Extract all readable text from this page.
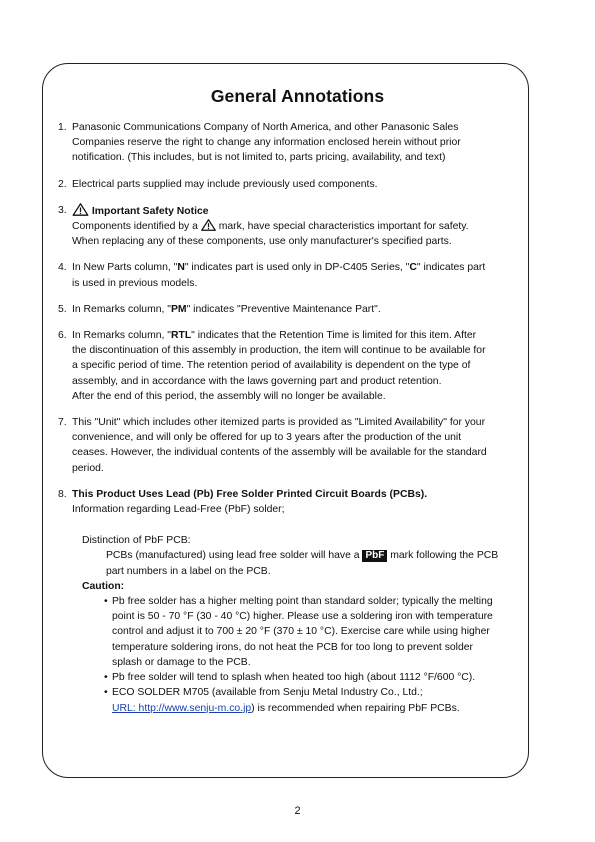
General Annotations
1. Panasonic Communications Company of North America, and other Panasonic Sales

Companies reserve the right to change any information enclosed herein without prior

notification. (This includes, but is not limited to, parts pricing, availability, and text)

2. Electrical parts supplied may include previously used components.

3.	Important Safety Notice

Components identified by a mark, have special characteristics important for safety.

When replacing any of these components, use only manufacturer's specified parts.

4. In New Parts column, "N" indicates part is used only in DP-C405 Series, "C" indicates part

is used in previous models.

5. In Remarks column, "PM" indicates "Preventive Maintenance Part".

6. In Remarks column, "RTL" indicates that the Retention Time is limited for this item. After

the discontinuation of this assembly in production, the item will continue to be available for

a specific period of time. The retention period of availability is dependent on the type of

assembly, and in accordance with the laws governing part and product retention.

After the end of this period, the assembly will no longer be available.

7. This "Unit" which includes other itemized parts is provided as "Limited Availability" for your

convenience, and will only be offered for up to 3 years after the production of the unit

ceases. However, the individual contents of the assembly will be available for the standard

period.

8. This Product Uses Lead (Pb) Free Solder Printed Circuit Boards (PCBs).

Information regarding Lead-Free (PbF) solder;

Distinction of PbF PCB:

PCBs (manufactured) using lead free solder will have a PbF mark following the PCB

part numbers in a label on the PCB.

Caution:

• Pb free solder has a higher melting point than standard solder; typically the melting

point is 50 - 70 °F (30 - 40 °C) higher. Please use a soldering iron with temperature

control and adjust it to 700 ± 20 °F (370 ± 10 °C). Exercise care while using higher

temperature soldering irons, do not heat the PCB for too long to prevent solder

splash or damage to the PCB.

• Pb free solder will tend to splash when heated too high (about 1112 °F/600 °C).

• ECO SOLDER M705 (available from Senju Metal Industry Co., Ltd.;

URL: http://www.senju-m.co.jp) is recommended when repairing PbF PCBs.

2
